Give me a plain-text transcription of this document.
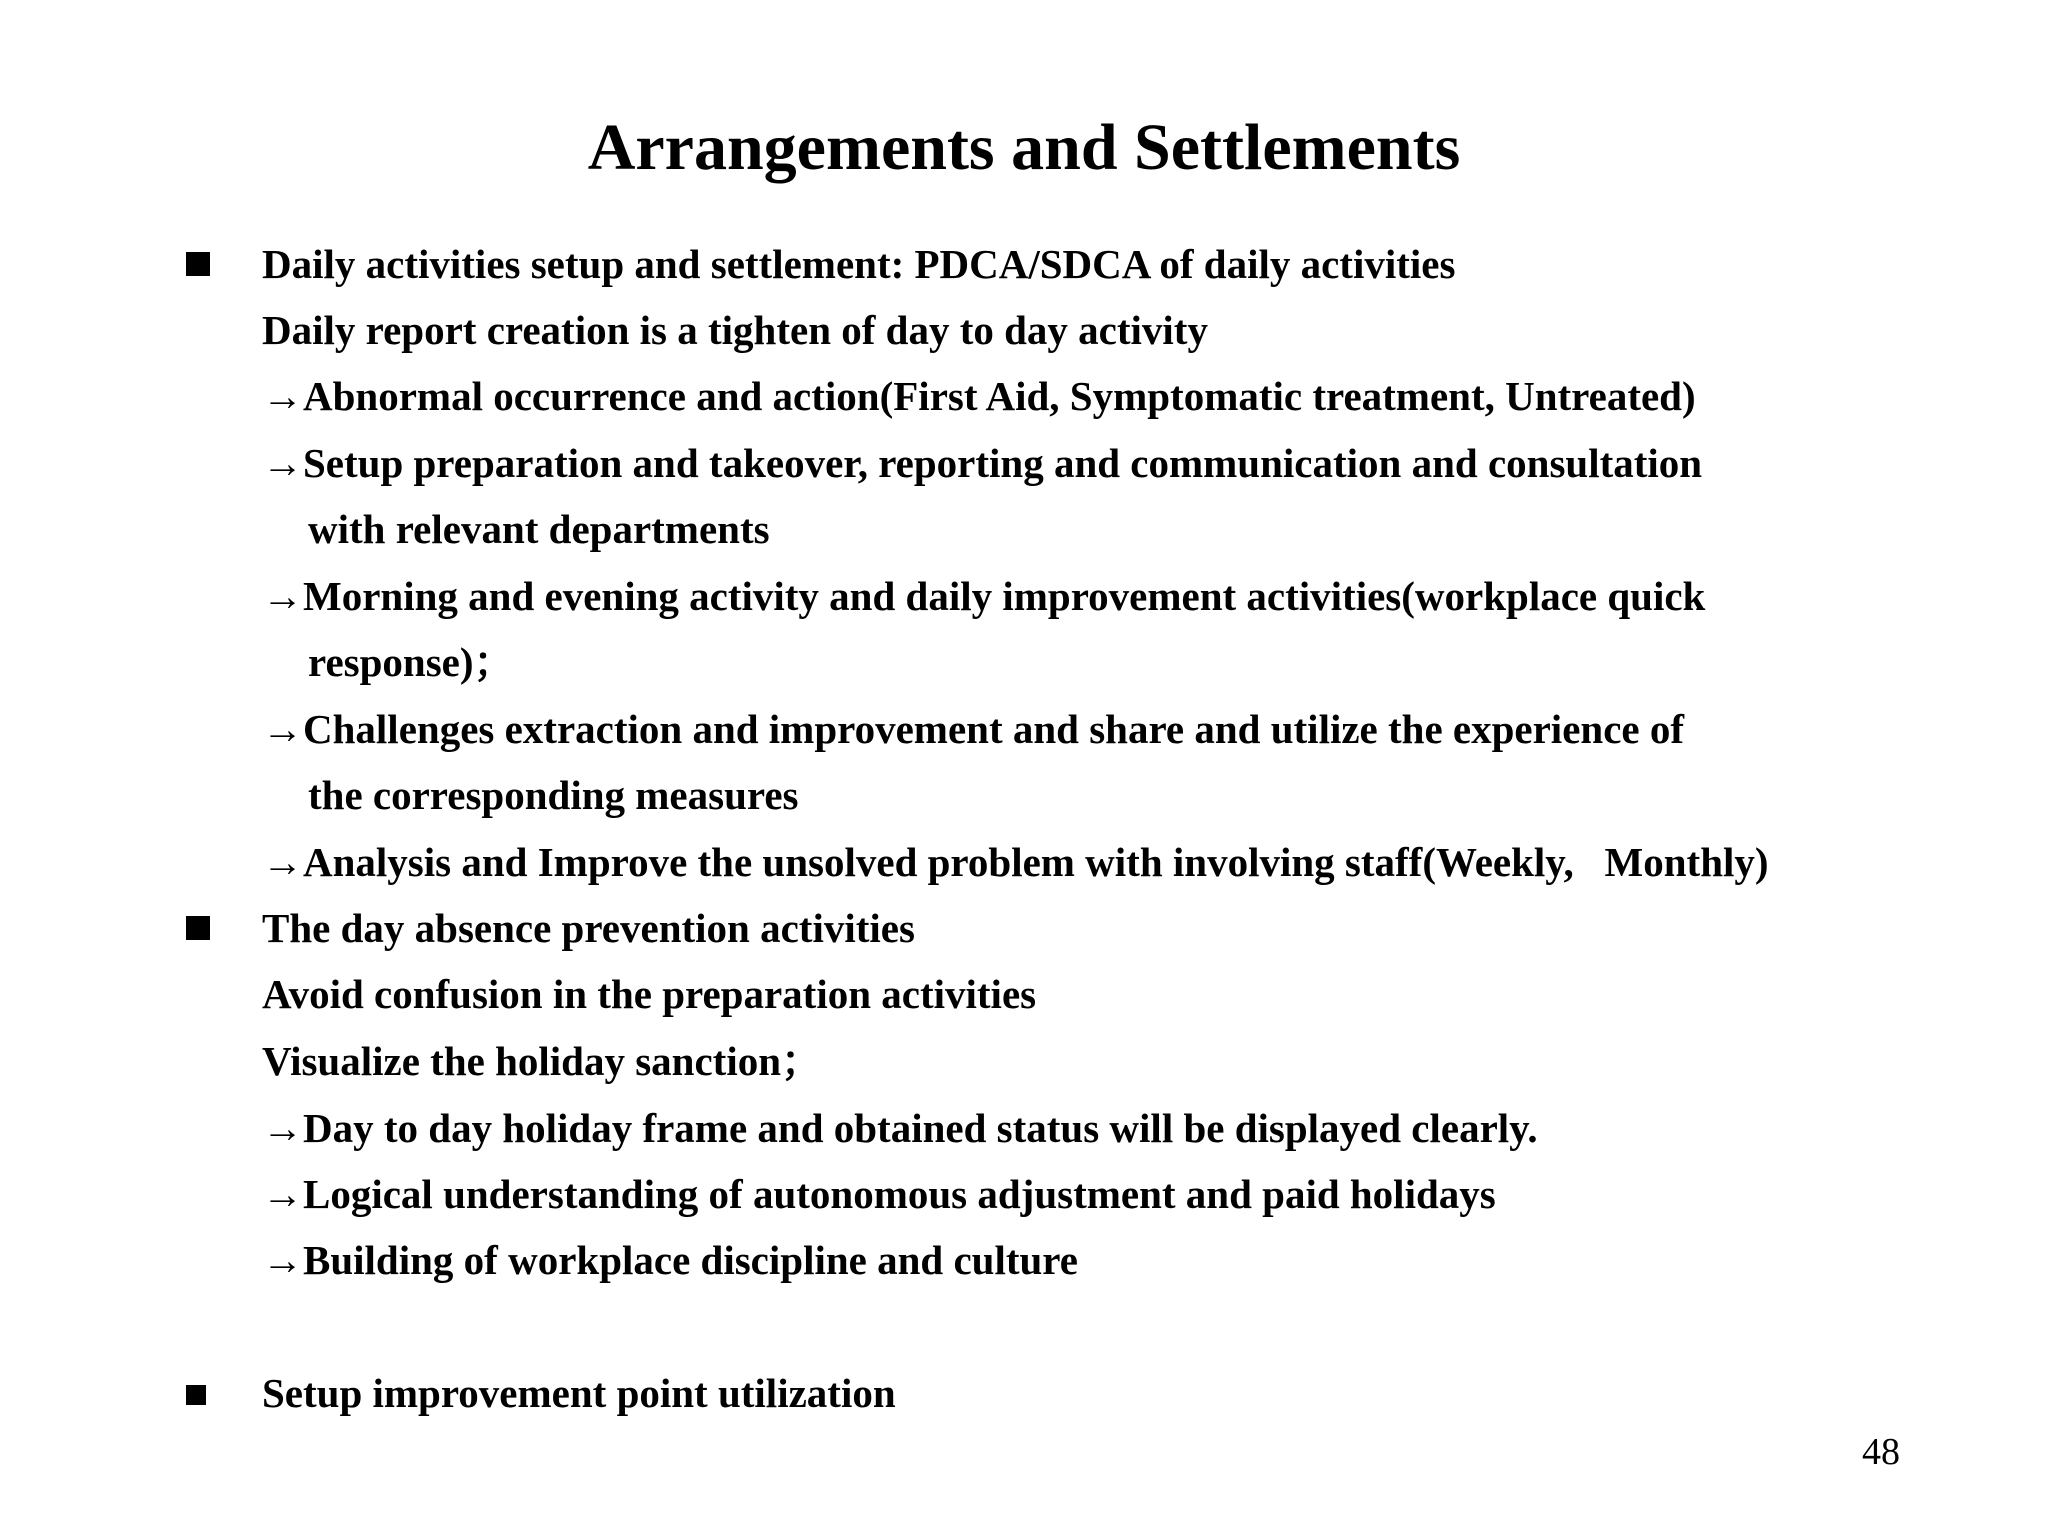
Arrangements and Settlements
Daily activities setup and settlement: PDCA/SDCA of daily activities
Daily report creation is a tighten of day to day activity
→Abnormal occurrence and action(First Aid, Symptomatic treatment, Untreated)
→Setup preparation and takeover, reporting and communication and consultation
with relevant departments
→Morning and evening activity and daily improvement activities(workplace quick
response)；
→Challenges extraction and improvement and share and utilize the experience of
the corresponding measures
→Analysis and Improve the unsolved problem with involving staff(Weekly,   Monthly)
The day absence prevention activities
Avoid confusion in the preparation activities
Visualize the holiday sanction；
→Day to day holiday frame and obtained status will be displayed clearly.
→Logical understanding of autonomous adjustment and paid holidays
→Building of workplace discipline and culture
Setup improvement point utilization
48
